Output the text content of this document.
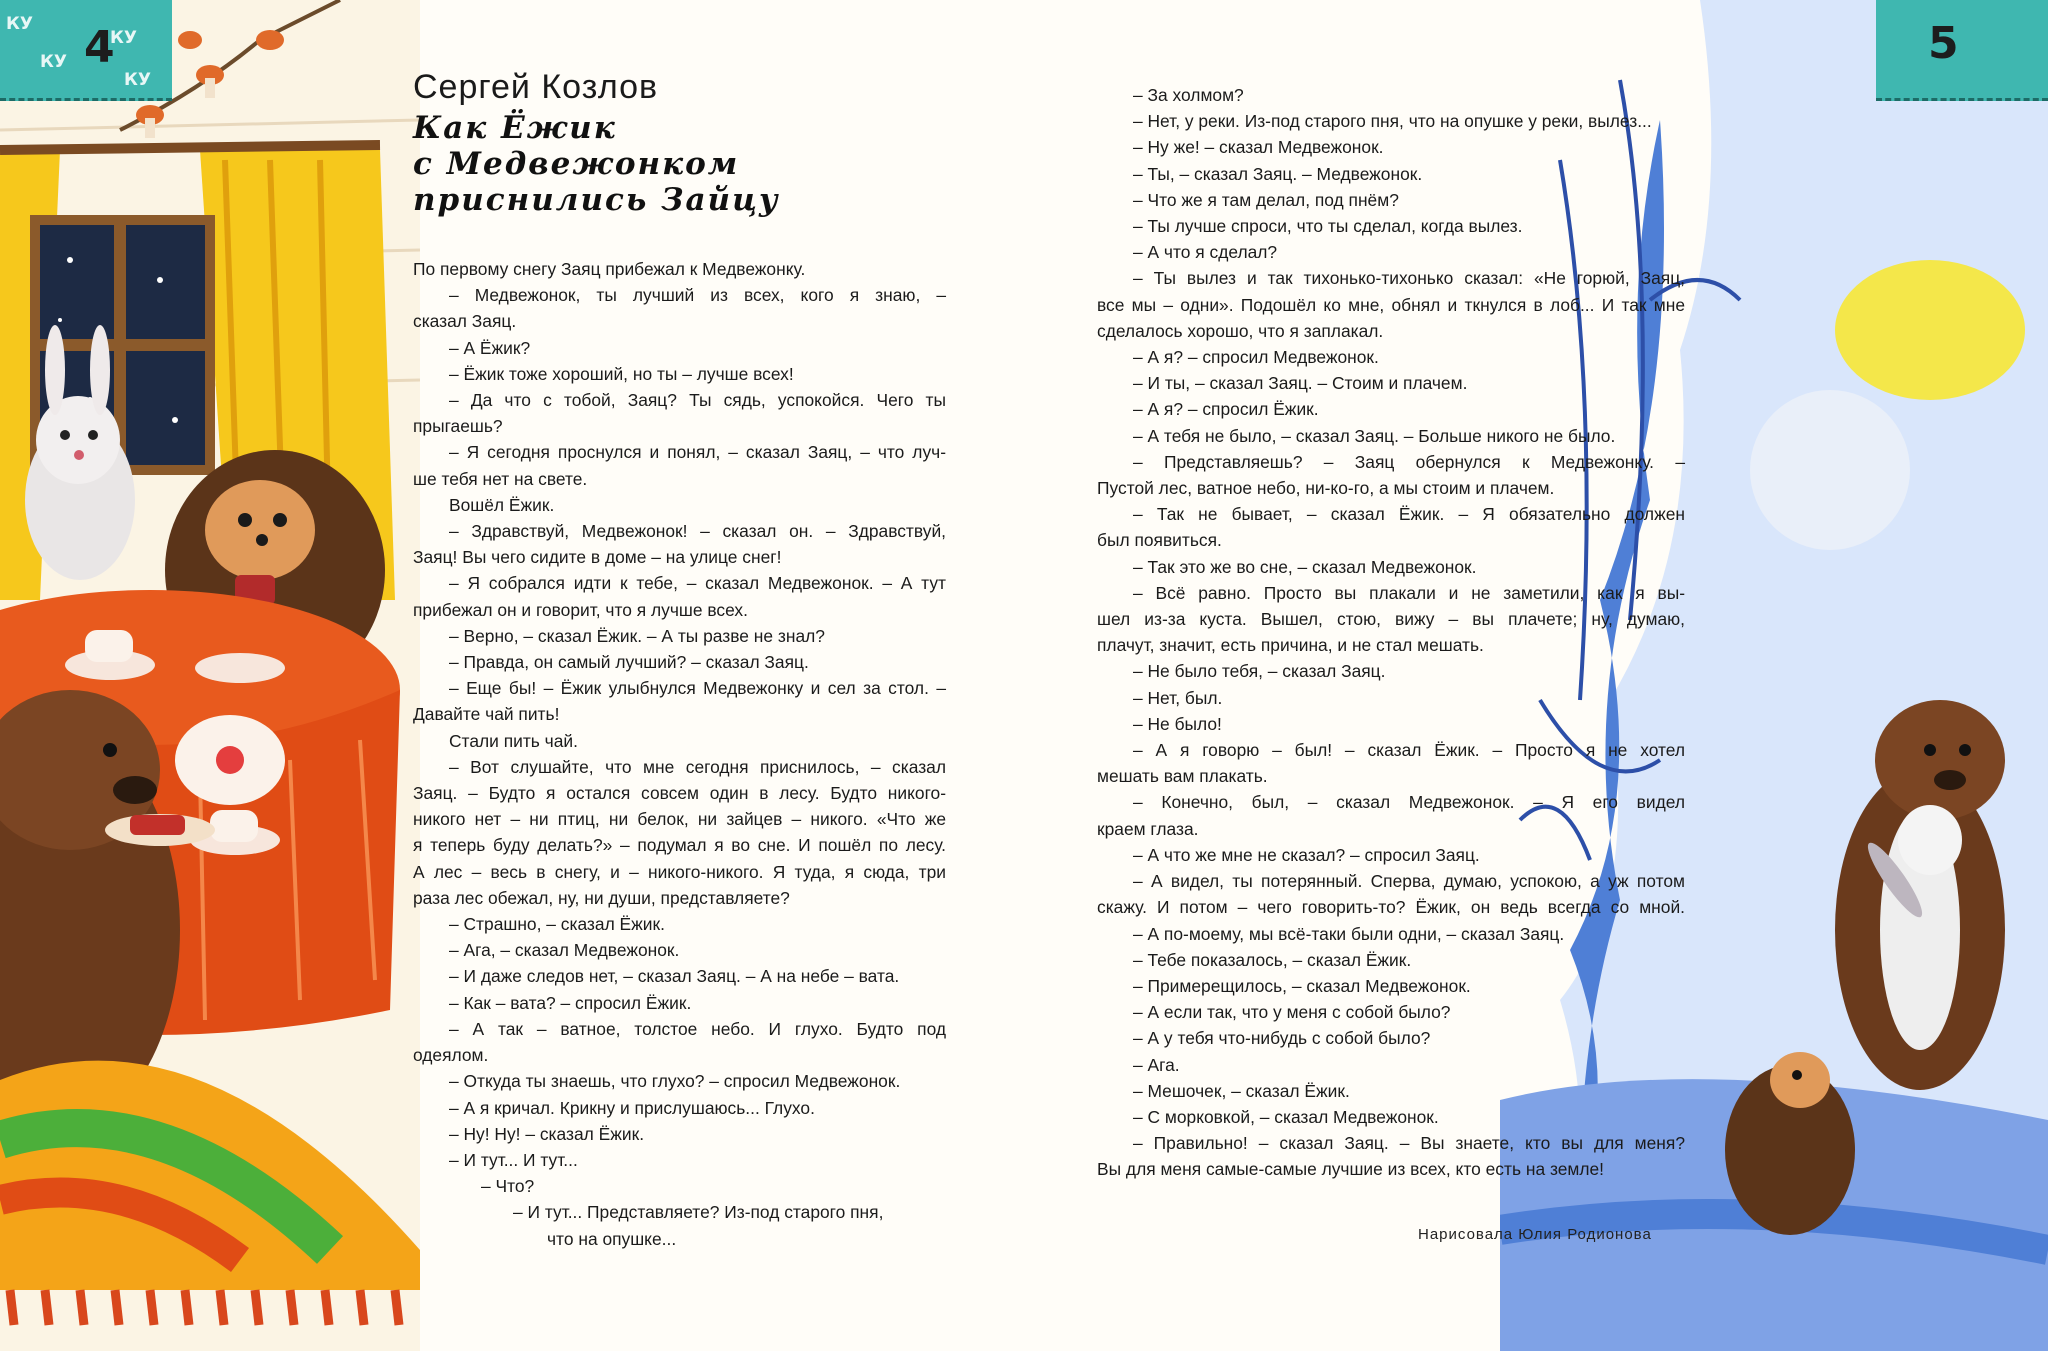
КУ
КУ
КУ
КУ
4	5
Сергей Козлов
Как Ёжик
с Медвежонком
приснились Зайцу

По первому снегу Заяц прибежал к Медвежонку.

– Медвежонок, ты лучший из всех, кого я знаю, –

сказал Заяц.

– А Ёжик?

– Ёжик тоже хороший, но ты – лучше всех!

– Да что с тобой, Заяц? Ты сядь, успокойся. Чего ты

прыгаешь?

– Я сегодня проснулся и понял, – сказал Заяц, – что луч-

ше тебя нет на свете.

Вошёл Ёжик.

– Здравствуй, Медвежонок! – сказал он. – Здравствуй,

Заяц! Вы чего сидите в доме – на улице снег!

– Я собрался идти к тебе, – сказал Медвежонок. – А тут

прибежал он и говорит, что я лучше всех.

– Верно, – сказал Ёжик. – А ты разве не знал?

– Правда, он самый лучший? – сказал Заяц.

– Еще бы! – Ёжик улыбнулся Медвежонку и сел за стол. –

Давайте чай пить!

Стали пить чай.

– Вот слушайте, что мне сегодня приснилось, – сказал

Заяц. – Будто я остался совсем один в лесу. Будто никого-

никого нет – ни птиц, ни белок, ни зайцев – никого. «Что же

я теперь буду делать?» – подумал я во сне. И пошёл по лесу.

А лес – весь в снегу, и – никого-никого. Я туда, я сюда, три

раза лес обежал, ну, ни души, представляете?

– Страшно, – сказал Ёжик.

– Ага, – сказал Медвежонок.

– И даже следов нет, – сказал Заяц. – А на небе – вата.

– Как – вата? – спросил Ёжик.

– А так – ватное, толстое небо. И глухо. Будто под

одеялом.

– Откуда ты знаешь, что глухо? – спросил Медвежонок.

– А я кричал. Крикну и прислушаюсь... Глухо.

– Ну! Ну! – сказал Ёжик.

– И тут... И тут...

– Что?

– И тут... Представляете? Из-под старого пня,

что на опушке...

– За холмом?

– Нет, у реки. Из-под старого пня, что на опушке у реки, вылез...

– Ну же! – сказал Медвежонок.

– Ты, – сказал Заяц. – Медвежонок.

– Что же я там делал, под пнём?

– Ты лучше спроси, что ты сделал, когда вылез.

– А что я сделал?

– Ты вылез и так тихонько-тихонько сказал: «Не горюй, Заяц,

все мы – одни». Подошёл ко мне, обнял и ткнулся в лоб... И так мне

сделалось хорошо, что я заплакал.

– А я? – спросил Медвежонок.

– И ты, – сказал Заяц. – Стоим и плачем.

– А я? – спросил Ёжик.

– А тебя не было, – сказал Заяц. – Больше никого не было.

– Представляешь? – Заяц обернулся к Медвежонку. –

Пустой лес, ватное небо, ни-ко-го, а мы стоим и плачем.

– Так не бывает, – сказал Ёжик. – Я обязательно должен

был появиться.

– Так это же во сне, – сказал Медвежонок.

– Всё равно. Просто вы плакали и не заметили, как я вы-

шел из-за куста. Вышел, стою, вижу – вы плачете; ну, думаю,

плачут, значит, есть причина, и не стал мешать.

– Не было тебя, – сказал Заяц.

– Нет, был.

– Не было!

– А я говорю – был! – сказал Ёжик. – Просто я не хотел

мешать вам плакать.

– Конечно, был, – сказал Медвежонок. – Я его видел

краем глаза.

– А что же мне не сказал? – спросил Заяц.

– А видел, ты потерянный. Сперва, думаю, успокою, а уж потом

скажу. И потом – чего говорить-то? Ёжик, он ведь всегда со мной.

– А по-моему, мы всё-таки были одни, – сказал Заяц.

– Тебе показалось, – сказал Ёжик.

– Примерещилось, – сказал Медвежонок.

– А если так, что у меня с собой было?

– А у тебя что-нибудь с собой было?

– Ага.

– Мешочек, – сказал Ёжик.

– С морковкой, – сказал Медвежонок.

– Правильно! – сказал Заяц. – Вы знаете, кто вы для меня?

Вы для меня самые-самые лучшие из всех, кто есть на земле!

Нарисовала Юлия Родионова
